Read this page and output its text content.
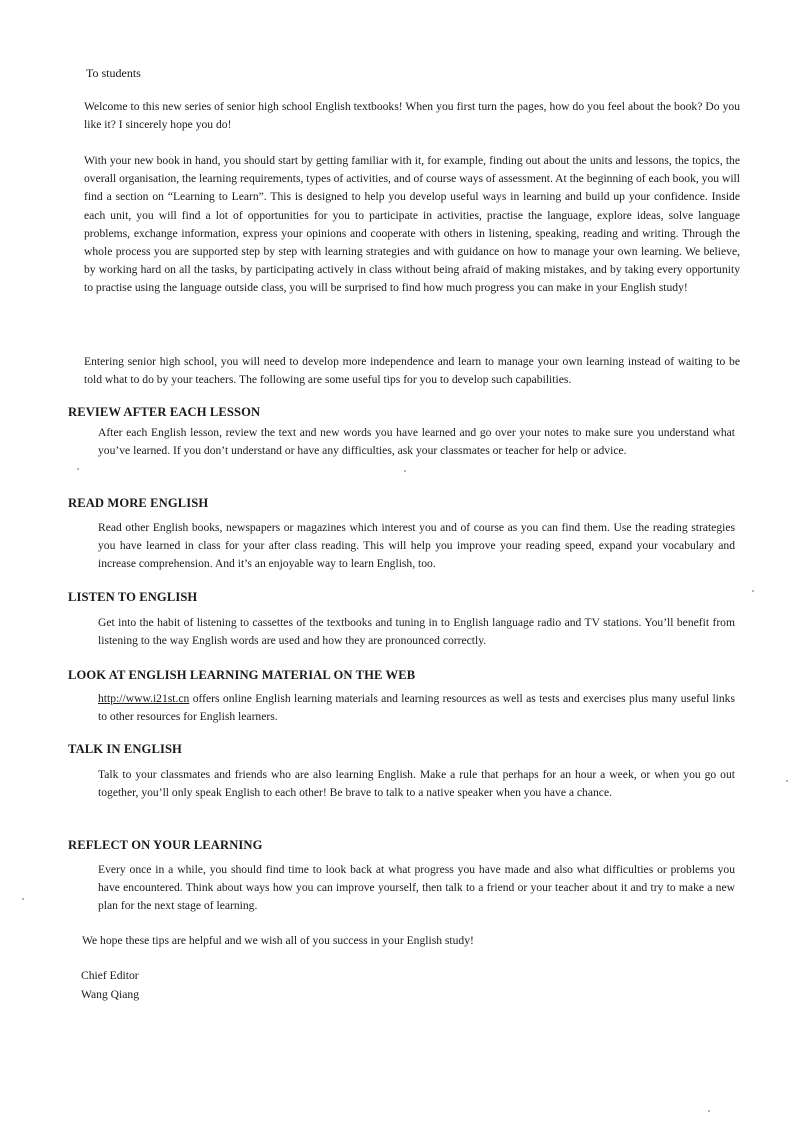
To students

Welcome to this new series of senior high school English textbooks! When you first turn the pages, how do you feel about the book? Do you like it? I sincerely hope you do!

With your new book in hand, you should start by getting familiar with it, for example, finding out about the units and lessons, the topics, the overall organisation, the learning requirements, types of activities, and of course ways of assessment. At the beginning of each book, you will find a section on “Learning to Learn”. This is designed to help you develop useful ways in learning and build up your confidence. Inside each unit, you will find a lot of opportunities for you to participate in activities, practise the language, explore ideas, solve language problems, exchange information, express your opinions and cooperate with others in listening, speaking, reading and writing. Through the whole process you are supported step by step with learning strategies and with guidance on how to manage your own learning. We believe, by working hard on all the tasks, by participating actively in class without being afraid of making mistakes, and by taking every opportunity to practise using the language outside class, you will be surprised to find how much progress you can make in your English study!

Entering senior high school, you will need to develop more independence and learn to manage your own learning instead of waiting to be told what to do by your teachers. The following are some useful tips for you to develop such capabilities.

REVIEW AFTER EACH LESSON

After each English lesson, review the text and new words you have learned and go over your notes to make sure you understand what you’ve learned. If you don’t understand or have any difficulties, ask your classmates or teacher for help or advice.

READ MORE ENGLISH

Read other English books, newspapers or magazines which interest you and of course as you can find them. Use the reading strategies you have learned in class for your after class reading. This will help you improve your reading speed, expand your vocabulary and increase comprehension. And it’s an enjoyable way to learn English, too.

LISTEN TO ENGLISH

Get into the habit of listening to cassettes of the textbooks and tuning in to English language radio and TV stations. You’ll benefit from listening to the way English words are used and how they are pronounced correctly.

LOOK AT ENGLISH LEARNING MATERIAL ON THE WEB

http://www.i21st.cn offers online English learning materials and learning resources as well as tests and exercises plus many useful links to other resources for English learners.

TALK IN ENGLISH

Talk to your classmates and friends who are also learning English. Make a rule that perhaps for an hour a week, or when you go out together, you’ll only speak English to each other! Be brave to talk to a native speaker when you have a chance.

REFLECT ON YOUR LEARNING

Every once in a while, you should find time to look back at what progress you have made and also what difficulties or problems you have encountered. Think about ways how you can improve yourself, then talk to a friend or your teacher about it and try to make a new plan for the next stage of learning.

We hope these tips are helpful and we wish all of you success in your English study!
Chief Editor
Wang Qiang
